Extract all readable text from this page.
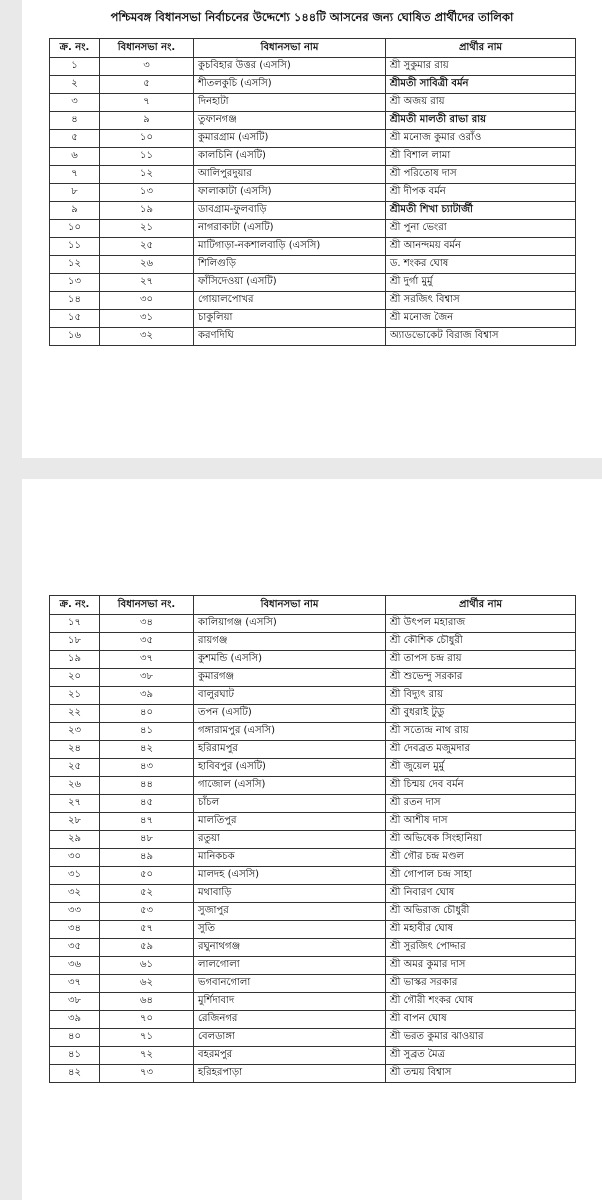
পশ্চিমবঙ্গ বিধানসভা নির্বাচনের উদ্দেশ্যে ১৪৪টি আসনের জন্য ঘোষিত প্রার্থীদের তালিকা
ক্র. নং.	বিধানসভা নং.	বিধানসভা নাম	প্রার্থীর নাম
১	৩	কুচবিহার উত্তর (এসসি)	শ্রী সুকুমার রায়
২	৫	শীতলকুচি (এসসি)	শ্রীমতী সাবিত্রী বর্মন
৩	৭	দিনহাটা	শ্রী অজয় রায়
৪	৯	তুফানগঞ্জ	শ্রীমতী মালতী রাভা রায়
৫	১০	কুমারগ্রাম (এসটি)	শ্রী মনোজ কুমার ওরাঁও
৬	১১	কালচিনি (এসটি)	শ্রী বিশাল লামা
৭	১২	আলিপুরদুয়ার	শ্রী পরিতোষ দাস
৮	১৩	ফালাকাটা (এসসি)	শ্রী দীপক বর্মন
৯	১৯	ডাবগ্রাম-ফুলবাড়ি	শ্রীমতী শিখা চ্যাটার্জী
১০	২১	নাগরাকাটা (এসটি)	শ্রী পুনা ভেংরা
১১	২৫	মাটিগাড়া-নকশালবাড়ি (এসসি)	শ্রী আনন্দময় বর্মন
১২	২৬	শিলিগুড়ি	ড. শংকর ঘোষ
১৩	২৭	ফাঁসিদেওয়া (এসটি)	শ্রী দুর্গা মুর্মু
১৪	৩০	গোয়ালপোখর	শ্রী সরজিৎ বিশ্বাস
১৫	৩১	চাকুলিয়া	শ্রী মনোজ জৈন
১৬	৩২	করণদিঘি	অ্যাডভোকেট বিরাজ বিশ্বাস
ক্র. নং.	বিধানসভা নং.	বিধানসভা নাম	প্রার্থীর নাম
১৭	৩৪	কালিয়াগঞ্জ (এসসি)	শ্রী উৎপল মহারাজ
১৮	৩৫	রায়গঞ্জ	শ্রী কৌশিক চৌধুরী
১৯	৩৭	কুশমন্ডি (এসসি)	শ্রী তাপস চন্দ্র রায়
২০	৩৮	কুমারগঞ্জ	শ্রী শুভেন্দু সরকার
২১	৩৯	বালুরঘাট	শ্রী বিদ্যুৎ রায়
২২	৪০	তপন (এসটি)	শ্রী বুধরাই টুডু
২৩	৪১	গঙ্গারামপুর (এসসি)	শ্রী সত্যেন্দ্র নাথ রায়
২৪	৪২	হরিরামপুর	শ্রী দেবব্রত মজুমদার
২৫	৪৩	হাবিবপুর (এসটি)	শ্রী জুয়েল মুর্মু
২৬	৪৪	গাজোল (এসসি)	শ্রী চিন্ময় দেব বর্মন
২৭	৪৫	চাঁচল	শ্রী রতন দাস
২৮	৪৭	মালতিপুর	শ্রী আশীষ দাস
২৯	৪৮	রতুয়া	শ্রী অভিষেক সিংহানিয়া
৩০	৪৯	মানিকচক	শ্রী গৌর চন্দ্র মণ্ডল
৩১	৫০	মালদহ (এসসি)	শ্রী গোপাল চন্দ্র সাহা
৩২	৫২	মথাবাড়ি	শ্রী নিবারণ ঘোষ
৩৩	৫৩	সুজাপুর	শ্রী অভিরাজ চৌধুরী
৩৪	৫৭	সুতি	শ্রী মহাবীর ঘোষ
৩৫	৫৯	রঘুনাথগঞ্জ	শ্রী সুরজিৎ পোদ্দার
৩৬	৬১	লালগোলা	শ্রী অমর কুমার দাস
৩৭	৬২	ভগবানগোলা	শ্রী ভাস্কর সরকার
৩৮	৬৪	মুর্শিদাবাদ	শ্রী গৌরী শংকর ঘোষ
৩৯	৭০	রেজিনগর	শ্রী বাপন ঘোষ
৪০	৭১	বেলডাঙ্গা	শ্রী ভরত কুমার ঝাওয়ার
৪১	৭২	বহরমপুর	শ্রী সুব্রত মৈত্র
৪২	৭৩	হরিহরপাড়া	শ্রী তন্ময় বিশ্বাস
